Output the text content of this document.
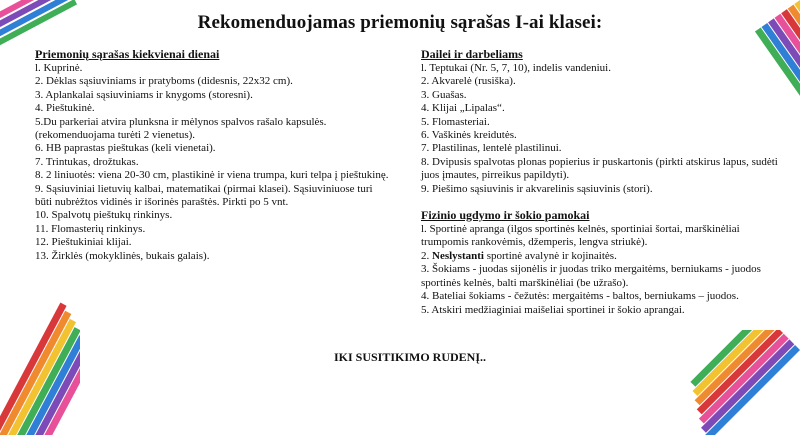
Rekomenduojamas priemonių sąrašas I-ai klasei:
Priemonių sąrašas kiekvienai dienai
l. Kuprinė.
2. Dėklas sąsiuviniams ir pratyboms (didesnis, 22x32 cm).
3. Aplankalai sąsiuviniams ir knygoms (storesni).
4. Pieštukinė.
5.Du parkeriai atvira plunksna ir mėlynos spalvos rašalo kapsulės. (rekomenduojama turėti 2 vienetus).
6. HB paprastas pieštukas (keli vienetai).
7. Trintukas, drožtukas.
8. 2 liniuotės: viena 20-30 cm, plastikinė ir viena trumpa, kuri telpa į pieštukinę.
9. Sąsiuviniai lietuvių kalbai, matematikai (pirmai klasei). Sąsiuviniuose turi būti nubrėžtos vidinės ir išorinės paraštės. Pirkti po 5 vnt.
10. Spalvotų pieštukų rinkinys.
11. Flomasterių rinkinys.
12. Pieštukiniai klijai.
13. Žirklės (mokyklinės, bukais galais).
Dailei ir darbeliams
l. Teptukai (Nr. 5, 7, 10), indelis vandeniui.
2. Akvarelė (rusiška).
3. Guašas.
4. Klijai „Lipalas“.
5. Flomasteriai.
6. Vaškinės kreidutės.
7. Plastilinas, lentelė plastilinui.
8. Dvipusis spalvotas plonas popierius ir puskartonis (pirkti atskirus lapus, sudėti juos įmautes, pirreikus papildyti).
9. Piešimo sąsiuvinis ir akvarelinis sąsiuvinis (stori).
Fizinio ugdymo ir šokio pamokai
l. Sportinė apranga (ilgos sportinės kelnės, sportiniai šortai, marškinėliai trumpomis rankovėmis, džemperis, lengva striukė).
2. Neslystanti sportinė avalynė ir kojinaitės.
3. Šokiams - juodas sijonėlis ir juodas triko mergaitėms, berniukams - juodos sportinės kelnės, balti marškinėliai (be užrašo).
4. Bateliai šokiams - čežutės: mergaitėms - baltos, berniukams – juodos.
5. Atskiri medžiaginiai maišeliai sportinei ir šokio aprangai.
IKI SUSITIKIMO RUDENĮ..
